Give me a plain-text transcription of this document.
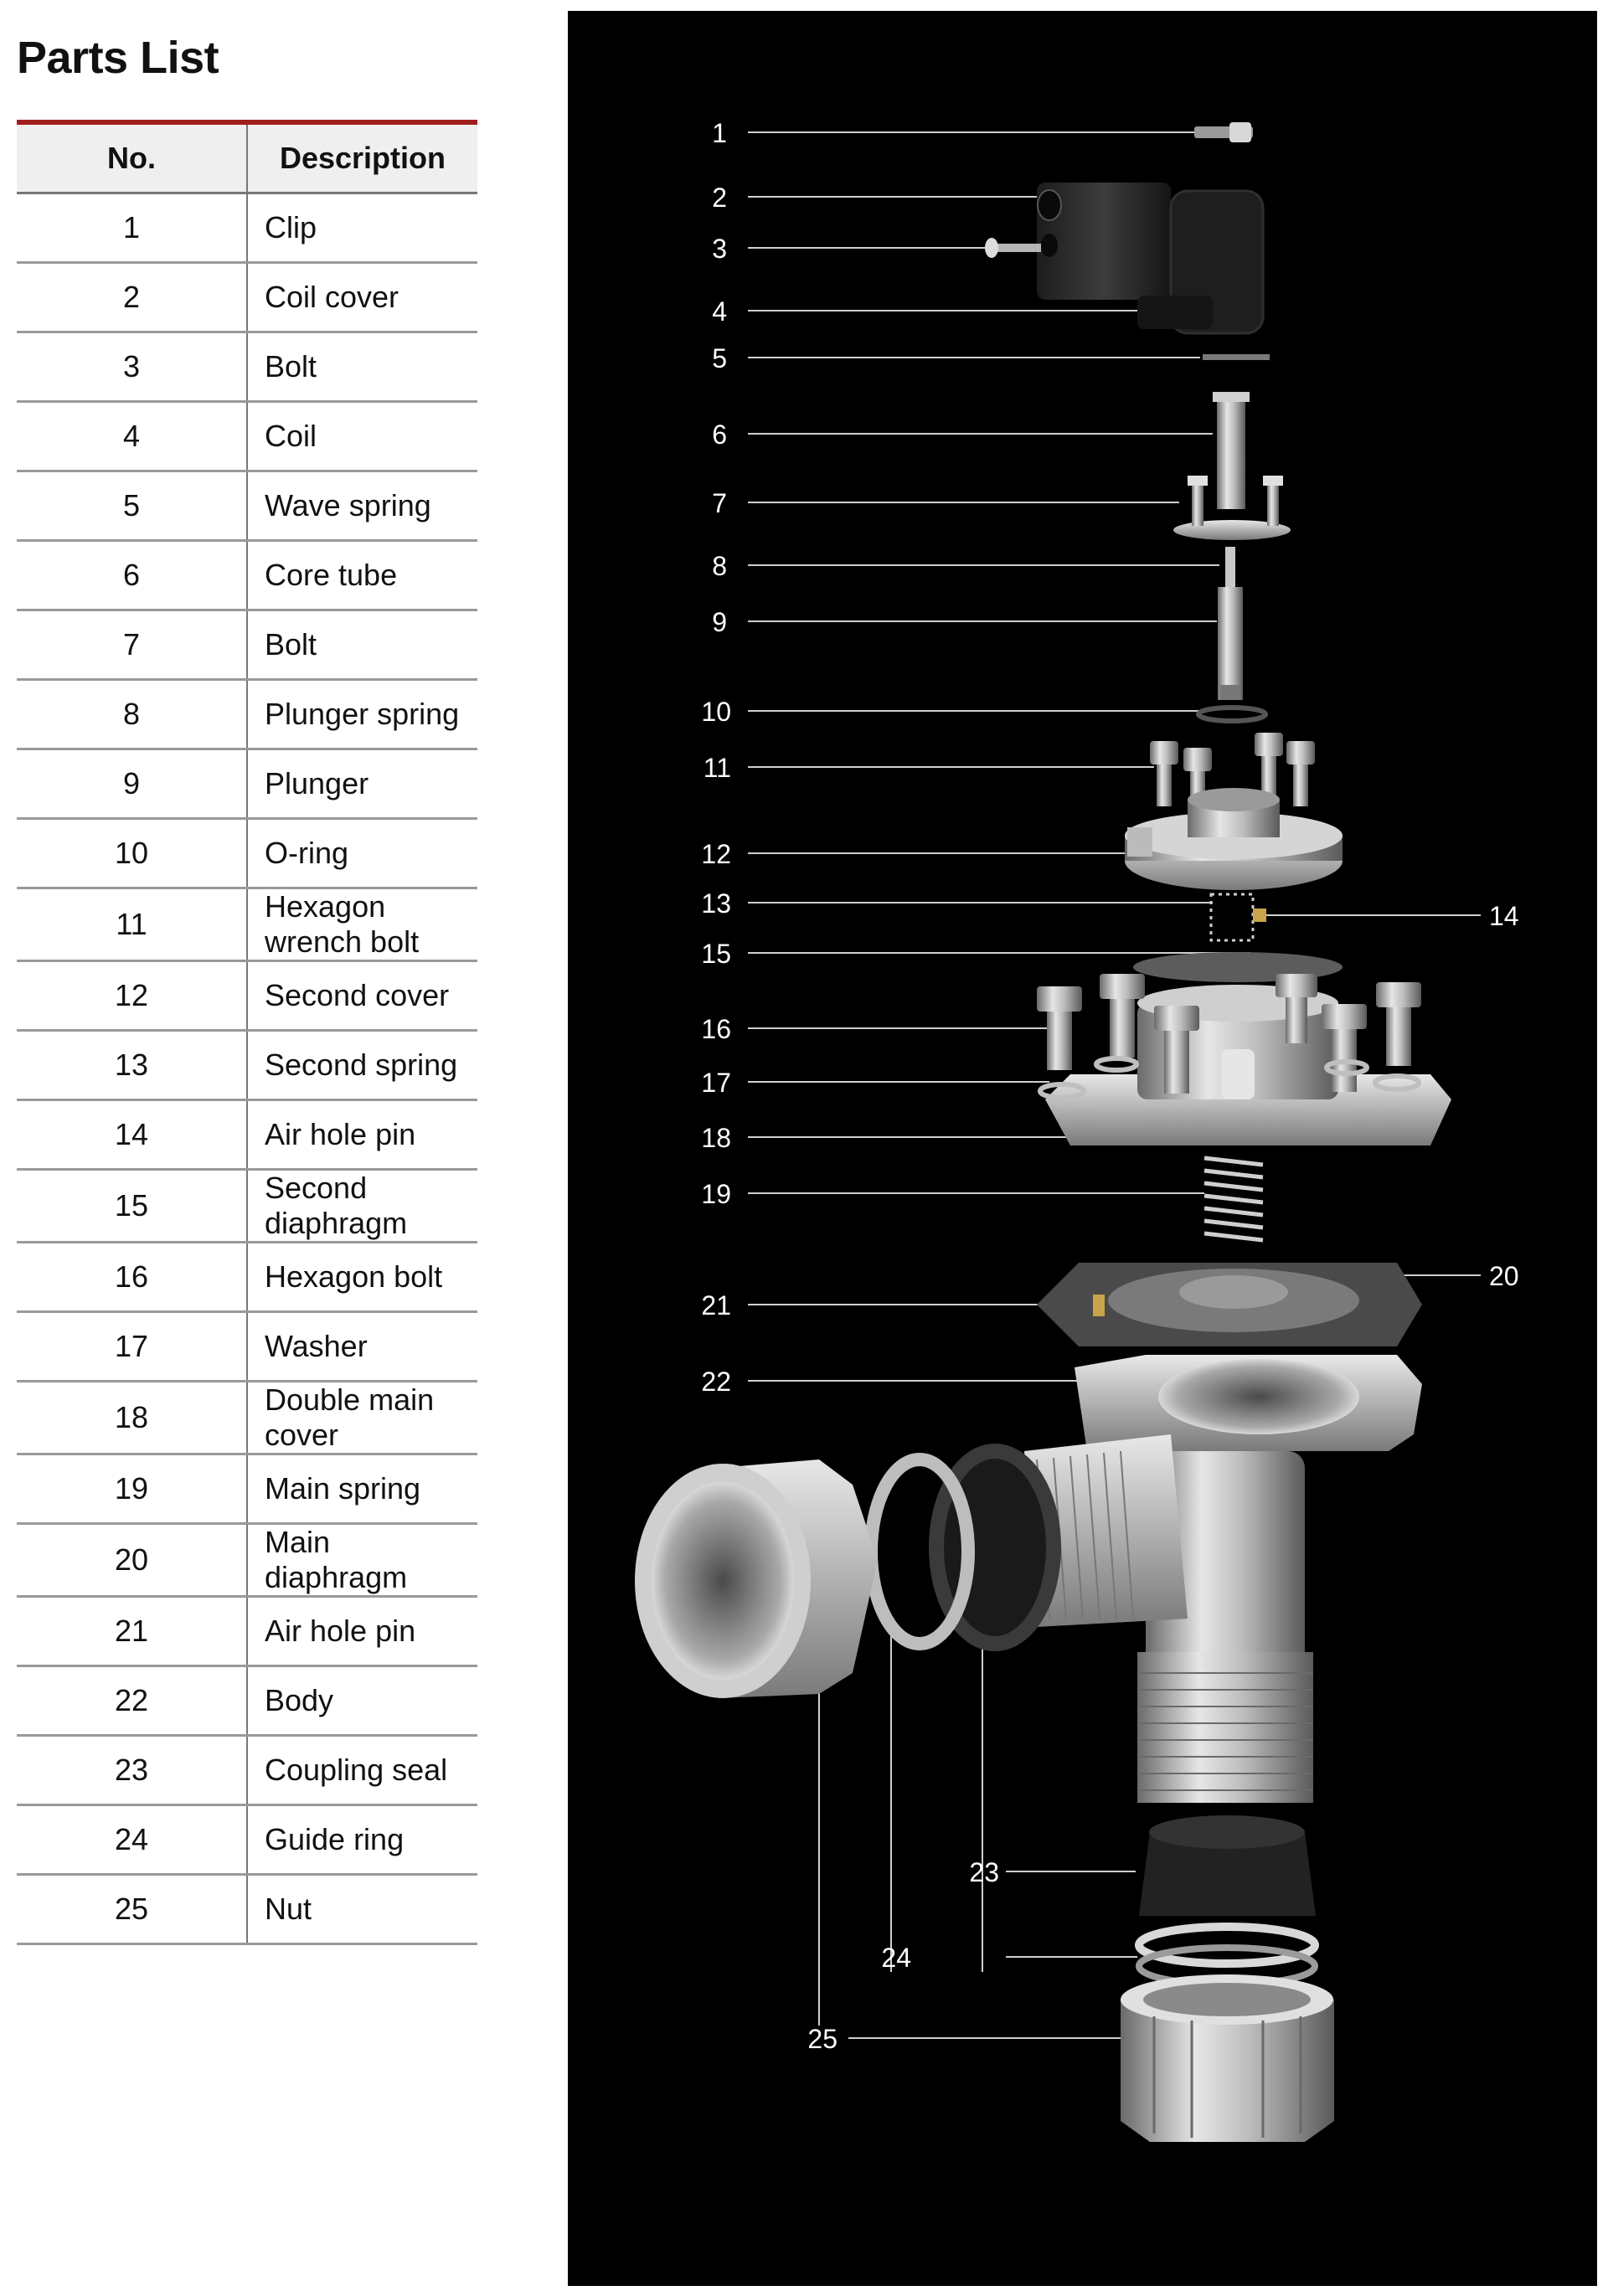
Parts List
No.	Description
1	Clip
2	Coil cover
3	Bolt
4	Coil
5	Wave spring
6	Core tube
7	Bolt
8	Plunger spring
9	Plunger
10	O-ring
11	Hexagon wrench bolt
12	Second cover
13	Second spring
14	Air hole pin
15	Second diaphragm
16	Hexagon bolt
17	Washer
18	Double main cover
19	Main spring
20	Main diaphragm
21	Air hole pin
22	Body
23	Coupling seal
24	Guide ring
25	Nut
1
2
3
4
5
6
7
8
9
10
11
12
13	14
15
16
17
18
19
20
21
22
23
24
25
